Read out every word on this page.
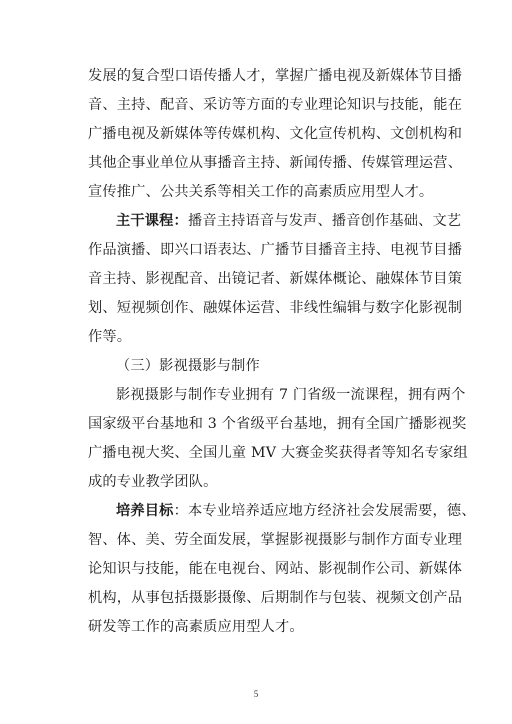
发展的复合型口语传播人才，掌握广播电视及新媒体节目播
音、主持、配音、采访等方面的专业理论知识与技能，能在
广播电视及新媒体等传媒机构、文化宣传机构、文创机构和
其他企事业单位从事播音主持、新闻传播、传媒管理运营、
宣传推广、公共关系等相关工作的高素质应用型人才。
主干课程：播音主持语音与发声、播音创作基础、文艺
作品演播、即兴口语表达、广播节目播音主持、电视节目播
音主持、影视配音、出镜记者、新媒体概论、融媒体节目策
划、短视频创作、融媒体运营、非线性编辑与数字化影视制
作等。
（三）影视摄影与制作
影视摄影与制作专业拥有 7 门省级一流课程，拥有两个
国家级平台基地和 3 个省级平台基地，拥有全国广播影视奖
广播电视大奖、全国儿童 MV 大赛金奖获得者等知名专家组
成的专业教学团队。
培养目标：本专业培养适应地方经济社会发展需要，德、
智、体、美、劳全面发展，掌握影视摄影与制作方面专业理
论知识与技能，能在电视台、网站、影视制作公司、新媒体
机构，从事包括摄影摄像、后期制作与包装、视频文创产品
研发等工作的高素质应用型人才。
5
